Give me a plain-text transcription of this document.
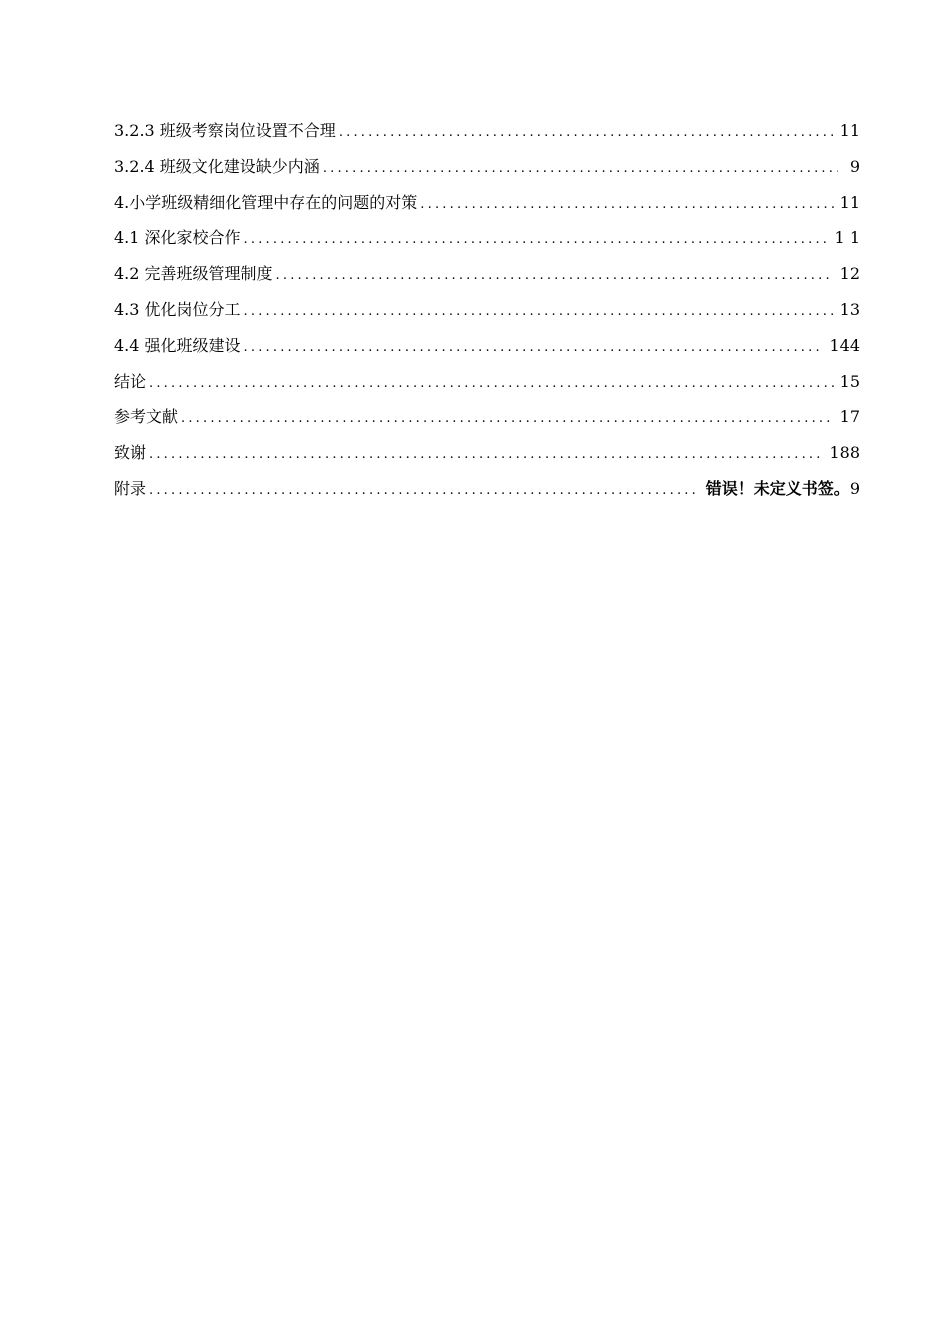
3.2.3 班级考察岗位设置不合理 .....	11
3.2.4 班级文化建设缺少内涵 .....	9
4.小学班级精细化管理中存在的问题的对策 .....	11
4.1 深化家校合作 .....	1 1
4.2 完善班级管理制度 .....	12
4.3 优化岗位分工 .....	13
4.4 强化班级建设 .....	144
结论 .....	15
参考文献 .....	17
致谢 .....	188
附录 .....	错误！未定义书签。9
